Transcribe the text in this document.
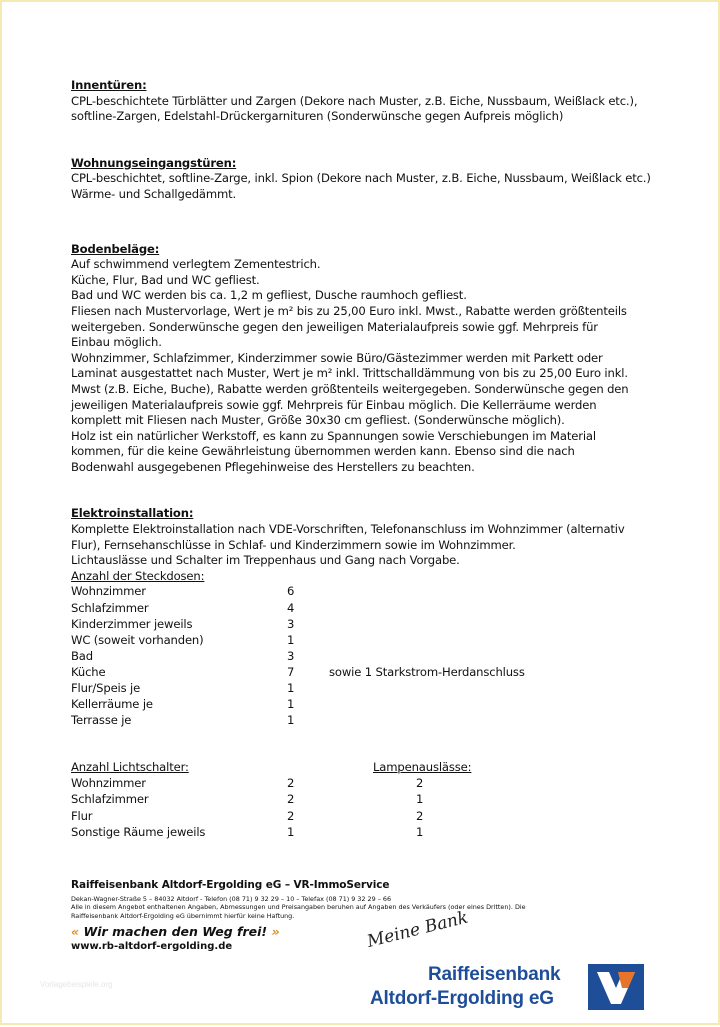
Innentüren:

CPL-beschichtete Türblätter und Zargen (Dekore nach Muster, z.B. Eiche, Nussbaum, Weißlack etc.),

softline-Zargen, Edelstahl-Drückergarnituren (Sonderwünsche gegen Aufpreis möglich)

Wohnungseingangstüren:

CPL-beschichtet, softline-Zarge, inkl. Spion (Dekore nach Muster, z.B. Eiche, Nussbaum, Weißlack etc.)

Wärme- und Schallgedämmt.

Bodenbeläge:

Auf schwimmend verlegtem Zementestrich.

Küche, Flur, Bad und WC gefliest.

Bad und WC werden bis ca. 1,2 m gefliest, Dusche raumhoch gefliest.

Fliesen nach Mustervorlage, Wert je m² bis zu 25,00 Euro inkl. Mwst., Rabatte werden größtenteils

weitergeben. Sonderwünsche gegen den jeweiligen Materialaufpreis sowie ggf. Mehrpreis für

Einbau möglich.

Wohnzimmer, Schlafzimmer, Kinderzimmer sowie Büro/Gästezimmer werden mit Parkett oder

Laminat ausgestattet nach Muster, Wert je m² inkl. Trittschalldämmung von bis zu 25,00 Euro inkl.

Mwst (z.B. Eiche, Buche), Rabatte werden größtenteils weitergegeben. Sonderwünsche gegen den

jeweiligen Materialaufpreis sowie ggf. Mehrpreis für Einbau möglich. Die Kellerräume werden

komplett mit Fliesen nach Muster, Größe 30x30 cm gefliest. (Sonderwünsche möglich).

Holz ist ein natürlicher Werkstoff, es kann zu Spannungen sowie Verschiebungen im Material

kommen, für die keine Gewährleistung übernommen werden kann. Ebenso sind die nach

Bodenwahl ausgegebenen Pflegehinweise des Herstellers zu beachten.

Elektroinstallation:

Komplette Elektroinstallation nach VDE-Vorschriften, Telefonanschluss im Wohnzimmer (alternativ

Flur), Fernsehanschlüsse in Schlaf- und Kinderzimmern sowie im Wohnzimmer.

Lichtauslässe und Schalter im Treppenhaus und Gang nach Vorgabe.

Anzahl der Steckdosen:
Wohnzimmer	6
Schlafzimmer	4
Kinderzimmer jeweils	3
WC (soweit vorhanden)	1
Bad	3
Küche	7	sowie 1 Starkstrom-Herdanschluss
Flur/Speis je	1
Kellerräume je	1
Terrasse je	1
Anzahl Lichtschalter:	Lampenauslässe:
Wohnzimmer	2	2
Schlafzimmer	2	1
Flur	2	2
Sonstige Räume jeweils	1	1
Raiffeisenbank Altdorf-Ergolding eG – VR-ImmoService
Dekan-Wagner-Straße 5 – 84032 Altdorf - Telefon (08 71) 9 32 29 – 10 – Telefax (08 71) 9 32 29 – 66
Alle in diesem Angebot enthaltenen Angaben, Abmessungen und Preisangaben beruhen auf Angaben des Verkäufers (oder eines Dritten). Die
Raiffeisenbank Altdorf-Ergolding eG übernimmt hierfür keine Haftung.
« Wir machen den Weg frei! »
www.rb-altdorf-ergolding.de
Vorlagebeispiele.org
Meine Bank
Raiffeisenbank
Altdorf-Ergolding eG
